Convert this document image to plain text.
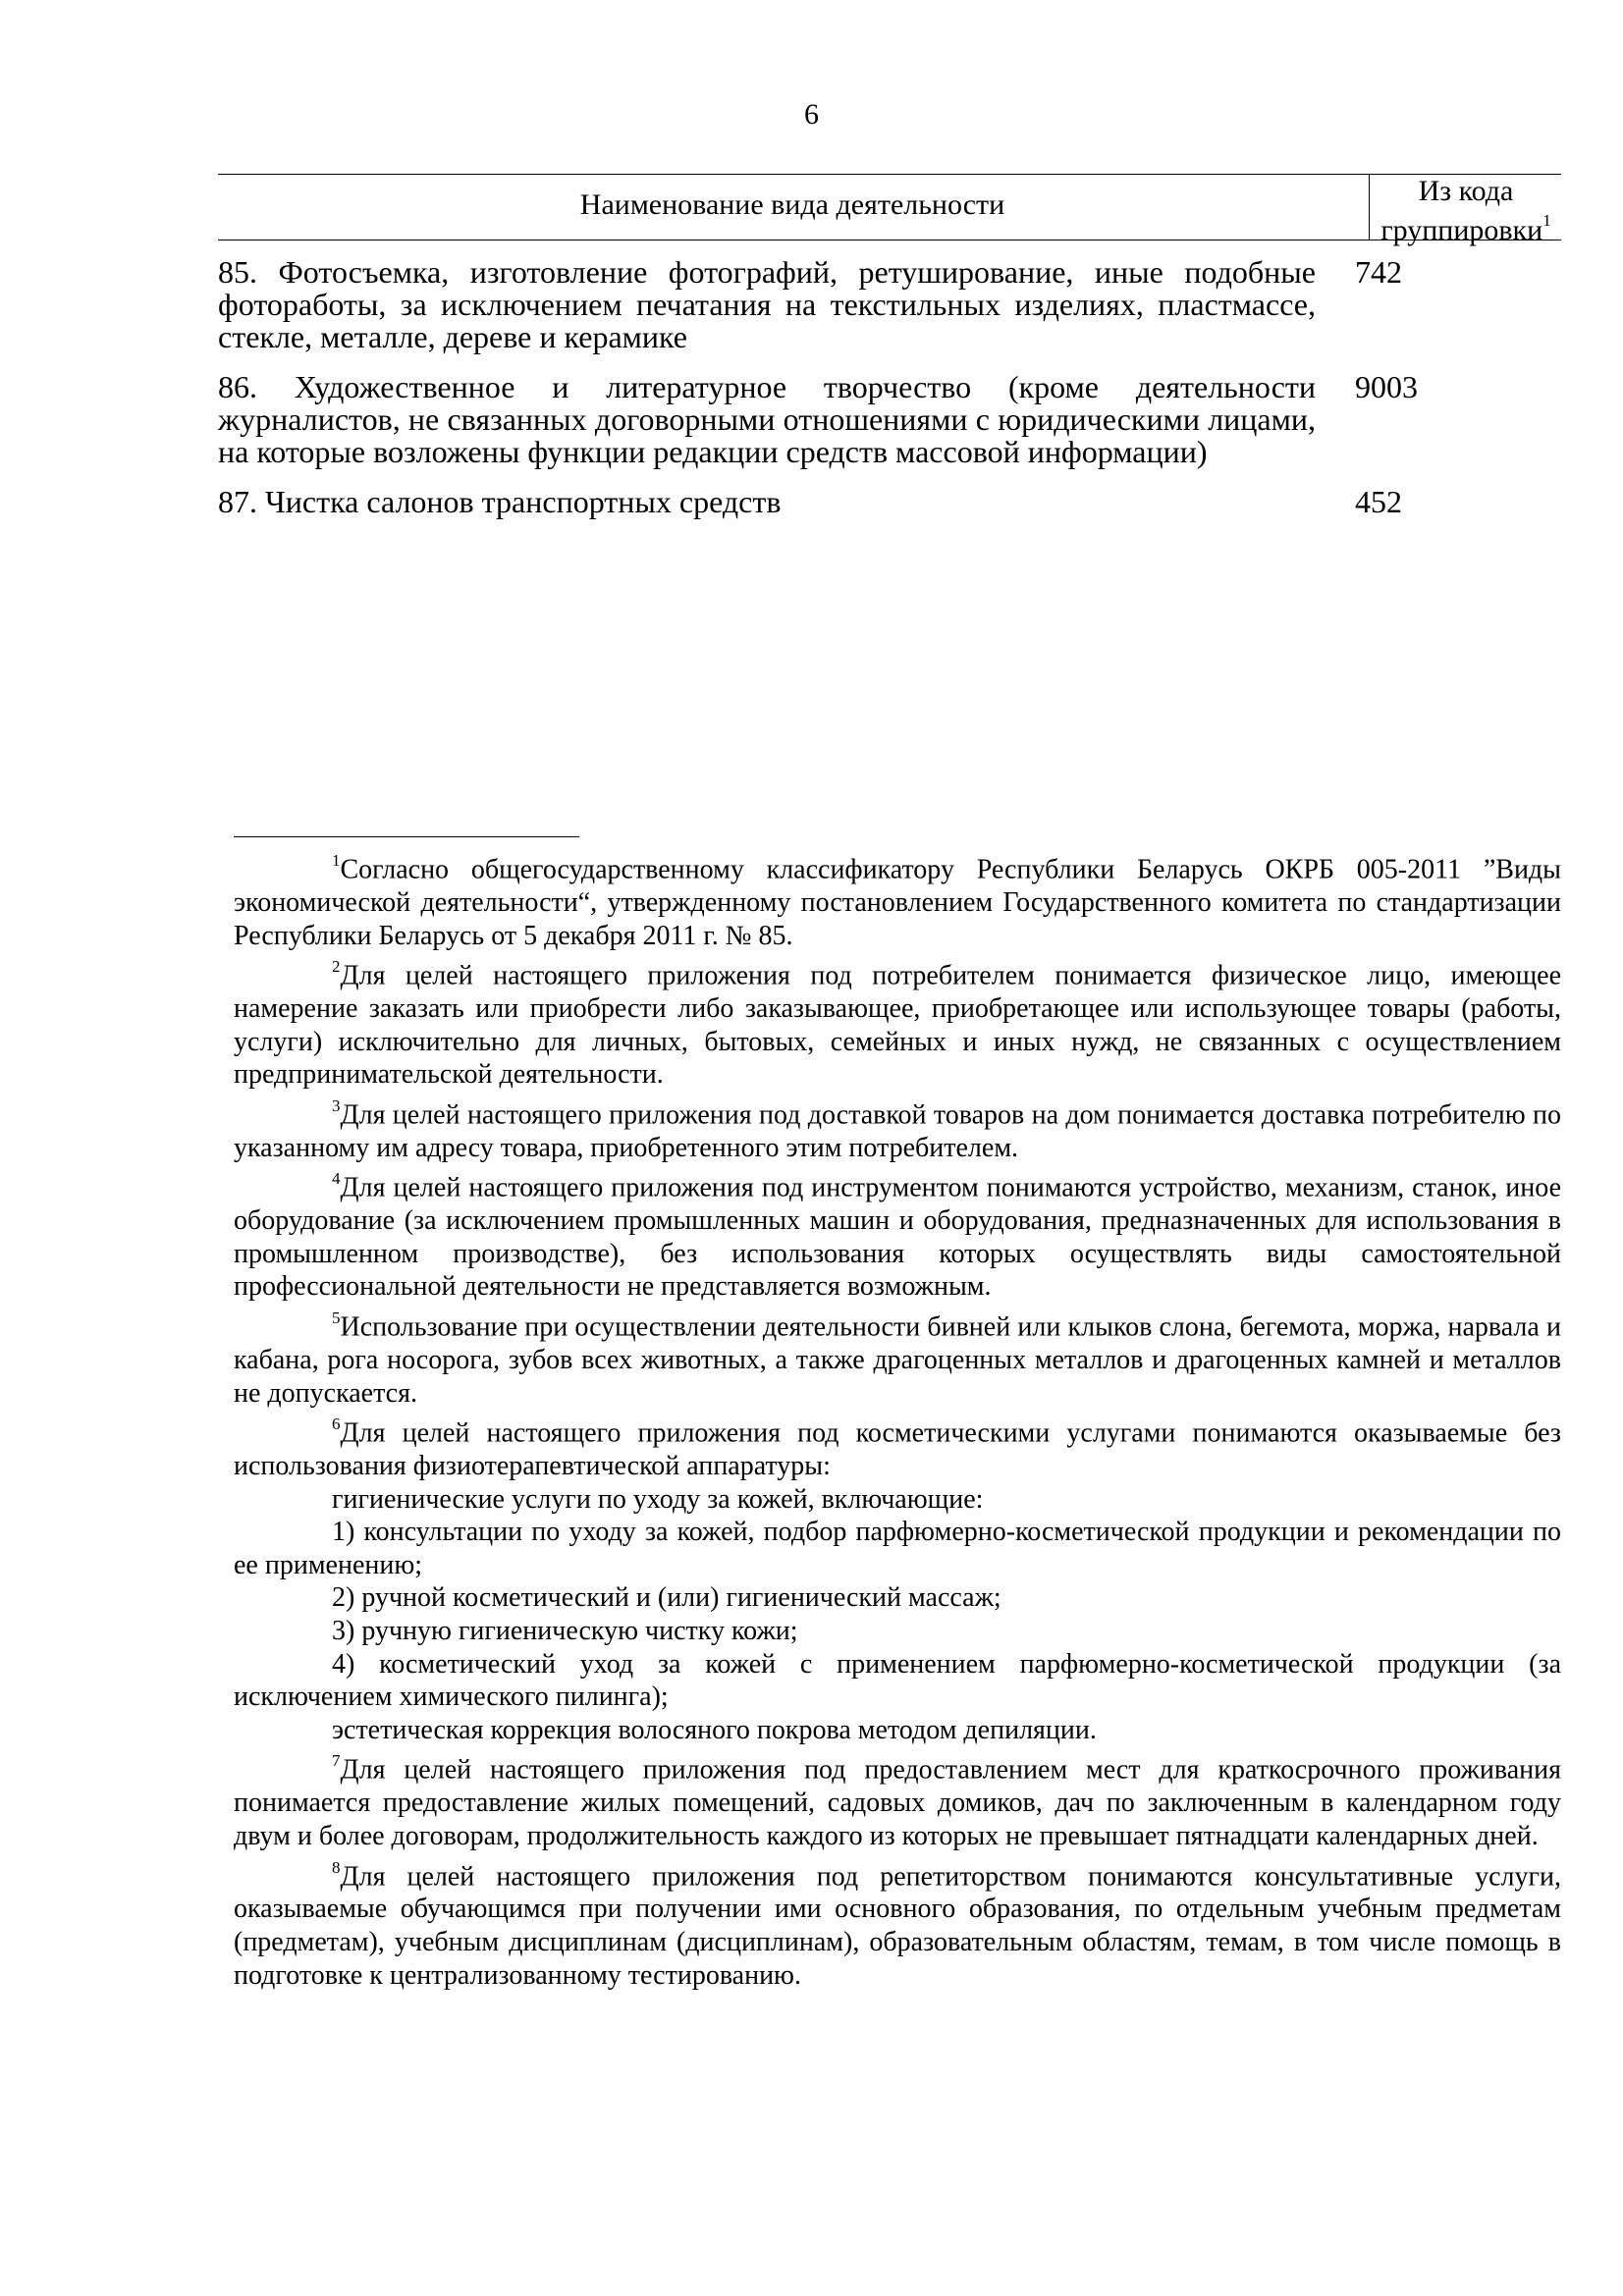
6
Наименование вида деятельности	Из кода
группировки$^1$
85. Фотосъемка, изготовление фотографий, ретуширование, иные подобные фотоработы, за исключением печатания на текстильных изделиях, пластмассе, стекле, металле, дереве и керамике
742
86. Художественное и литературное творчество (кроме деятельности журналистов, не связанных договорными отношениями с юридическими лицами, на которые возложены функции редакции средств массовой информации)
9003
87. Чистка салонов транспортных средств	452

$^1$Согласно общегосударственному классификатору Республики Беларусь ОКРБ 005-2011 ”Виды экономической деятельности“, утвержденному постановлением Государственного комитета по стандартизации Республики Беларусь от 5 декабря 2011 г. № 85.

$^2$Для целей настоящего приложения под потребителем понимается физическое лицо, имеющее намерение заказать или приобрести либо заказывающее, приобретающее или использующее товары (работы, услуги) исключительно для личных, бытовых, семейных и иных нужд, не связанных с осуществлением предпринимательской деятельности.

$^3$Для целей настоящего приложения под доставкой товаров на дом понимается доставка потребителю по указанному им адресу товара, приобретенного этим потребителем.

$^4$Для целей настоящего приложения под инструментом понимаются устройство, механизм, станок, иное оборудование (за исключением промышленных машин и оборудования, предназначенных для использования в промышленном производстве), без использования которых осуществлять виды самостоятельной профессиональной деятельности не представляется возможным.

$^5$Использование при осуществлении деятельности бивней или клыков слона, бегемота, моржа, нарвала и кабана, рога носорога, зубов всех животных, а также драгоценных металлов и драгоценных камней и металлов не допускается.

$^6$Для целей настоящего приложения под косметическими услугами понимаются оказываемые без использования физиотерапевтической аппаратуры:

гигиенические услуги по уходу за кожей, включающие:

1) консультации по уходу за кожей, подбор парфюмерно-косметической продукции и рекомендации по ее применению;

2) ручной косметический и (или) гигиенический массаж;

3) ручную гигиеническую чистку кожи;

4) косметический уход за кожей с применением парфюмерно-косметической продукции (за исключением химического пилинга);

эстетическая коррекция волосяного покрова методом депиляции.

$^7$Для целей настоящего приложения под предоставлением мест для краткосрочного проживания понимается предоставление жилых помещений, садовых домиков, дач по заключенным в календарном году двум и более договорам, продолжительность каждого из которых не превышает пятнадцати календарных дней.

$^8$Для целей настоящего приложения под репетиторством понимаются консультативные услуги, оказываемые обучающимся при получении ими основного образования, по отдельным учебным предметам (предметам), учебным дисциплинам (дисциплинам), образовательным областям, темам, в том числе помощь в подготовке к централизованному тестированию.
